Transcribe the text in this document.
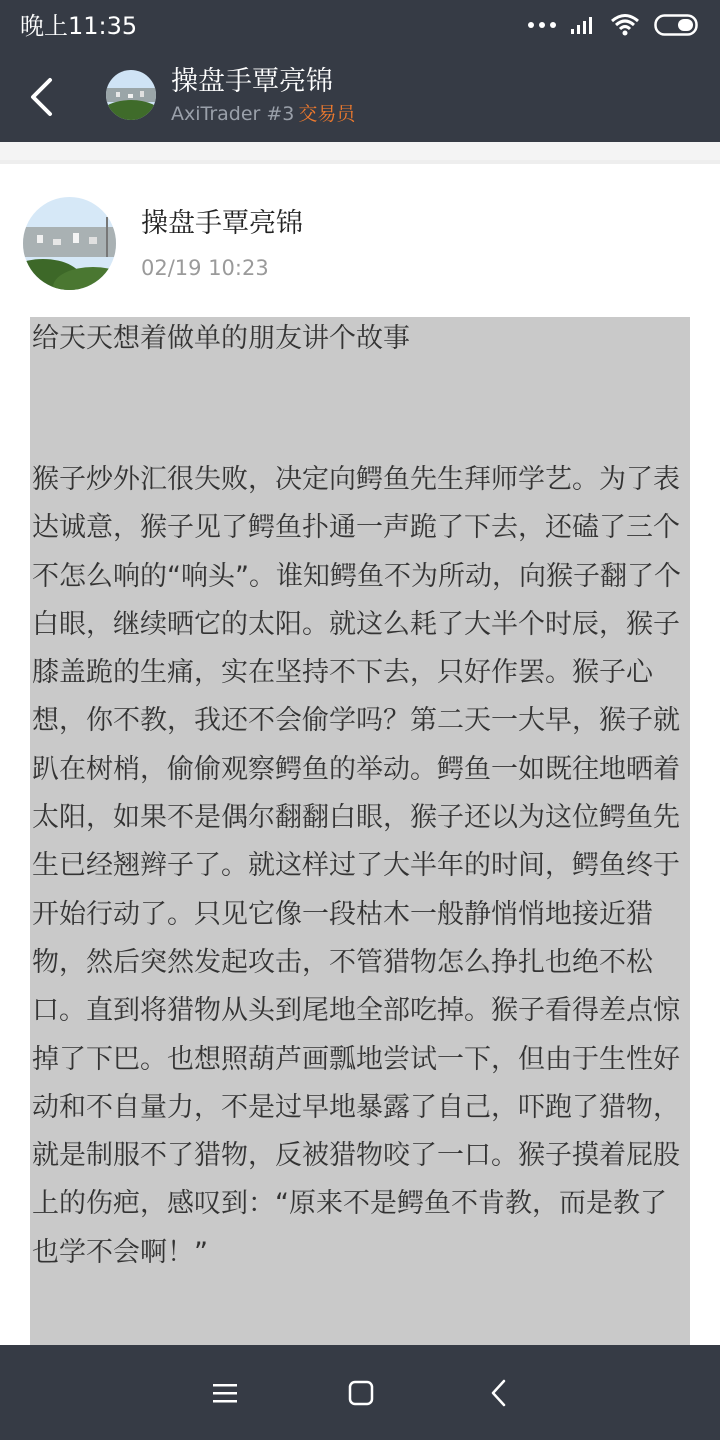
晚上11:35
操盘手覃亮锦
AxiTrader #3 交易员
操盘手覃亮锦
02/19 10:23
给天天想着做单的朋友讲个故事
猴子炒外汇很失败，决定向鳄鱼先生拜师学艺。为了表达诚意，猴子见了鳄鱼扑通一声跪了下去，还磕了三个不怎么响的“响头”。谁知鳄鱼不为所动，向猴子翻了个白眼，继续晒它的太阳。就这么耗了大半个时辰，猴子膝盖跪的生痛，实在坚持不下去，只好作罢。猴子心想，你不教，我还不会偷学吗？第二天一大早，猴子就趴在树梢，偷偷观察鳄鱼的举动。鳄鱼一如既往地晒着太阳，如果不是偶尔翻翻白眼，猴子还以为这位鳄鱼先生已经翘辫子了。就这样过了大半年的时间，鳄鱼终于开始行动了。只见它像一段枯木一般静悄悄地接近猎物，然后突然发起攻击，不管猎物怎么挣扎也绝不松口。直到将猎物从头到尾地全部吃掉。猴子看得差点惊掉了下巴。也想照葫芦画瓢地尝试一下，但由于生性好动和不自量力，不是过早地暴露了自己，吓跑了猎物，就是制服不了猎物，反被猎物咬了一口。猴子摸着屁股上的伤疤，感叹到：“原来不是鳄鱼不肯教，而是教了也学不会啊！”
